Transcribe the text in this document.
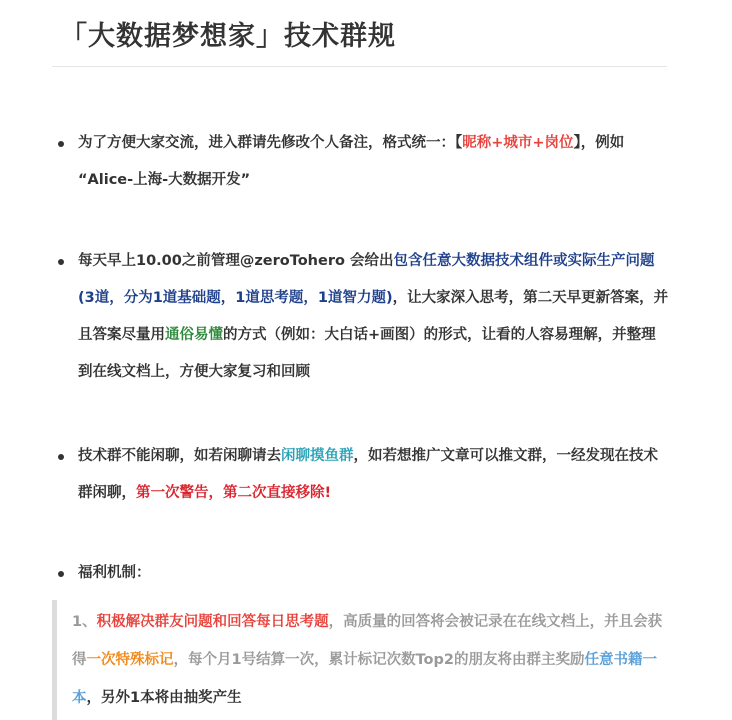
「大数据梦想家」技术群规
为了方便大家交流，进入群请先修改个人备注，格式统一：【昵称+城市+岗位】，例如 “Alice-上海-大数据开发”
每天早上10.00之前管理@zeroTohero 会给出包含任意大数据技术组件或实际生产问题(3道，分为1道基础题，1道思考题，1道智力题)，让大家深入思考，第二天早更新答案，并且答案尽量用通俗易懂的方式（例如：大白话+画图）的形式，让看的人容易理解，并整理到在线文档上，方便大家复习和回顾
技术群不能闲聊，如若闲聊请去闲聊摸鱼群，如若想推广文章可以推文群，一经发现在技术群闲聊，第一次警告，第二次直接移除!
福利机制：
1、积极解决群友问题和回答每日思考题，高质量的回答将会被记录在在线文档上，并且会获得一次特殊标记，每个月1号结算一次，累计标记次数Top2的朋友将由群主奖励任意书籍一本，另外1本将由抽奖产生
